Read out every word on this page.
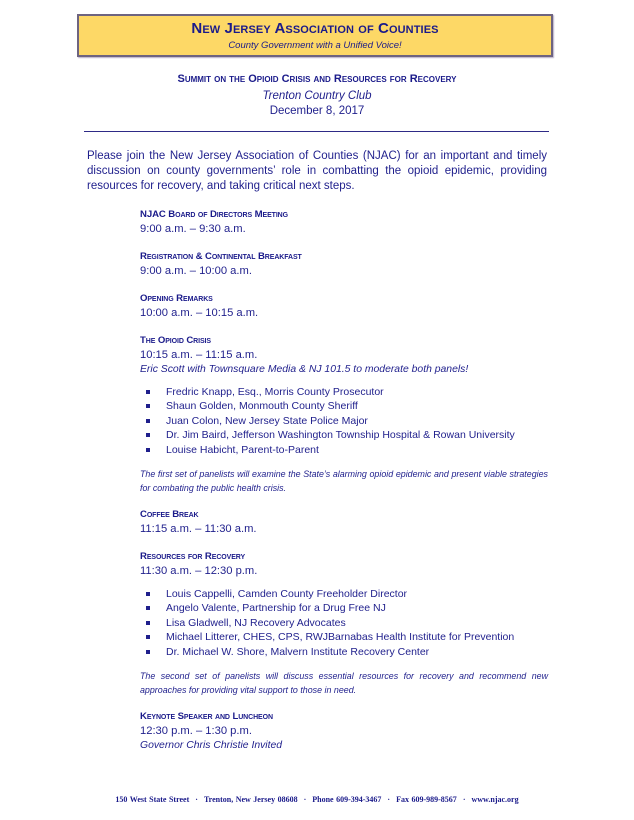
New Jersey Association of Counties
County Government with a Unified Voice!
Summit on the Opioid Crisis and Resources for Recovery
Trenton Country Club
December 8, 2017
Please join the New Jersey Association of Counties (NJAC) for an important and timely discussion on county governments’ role in combatting the opioid epidemic, providing resources for recovery, and taking critical next steps.
NJAC Board of Directors Meeting
9:00 a.m. – 9:30 a.m.
Registration & Continental Breakfast
9:00 a.m. – 10:00 a.m.
Opening Remarks
10:00 a.m. – 10:15 a.m.
The Opioid Crisis
10:15 a.m. – 11:15 a.m.
Eric Scott with Townsquare Media & NJ 101.5 to moderate both panels!
Fredric Knapp, Esq., Morris County Prosecutor
Shaun Golden, Monmouth County Sheriff
Juan Colon, New Jersey State Police Major
Dr. Jim Baird, Jefferson Washington Township Hospital & Rowan University
Louise Habicht, Parent-to-Parent
The first set of panelists will examine the State’s alarming opioid epidemic and present viable strategies for combating the public health crisis.
Coffee Break
11:15 a.m. – 11:30 a.m.
Resources for Recovery
11:30 a.m. – 12:30 p.m.
Louis Cappelli, Camden County Freeholder Director
Angelo Valente, Partnership for a Drug Free NJ
Lisa Gladwell, NJ Recovery Advocates
Michael Litterer, CHES, CPS, RWJBarnabas Health Institute for Prevention
Dr. Michael W. Shore, Malvern Institute Recovery Center
The second set of panelists will discuss essential resources for recovery and recommend new approaches for providing vital support to those in need.
Keynote Speaker and Luncheon
12:30 p.m. – 1:30 p.m.
Governor Chris Christie Invited
150 West State Street · Trenton, New Jersey 08608 · Phone 609-394-3467 · Fax 609-989-8567 · www.njac.org
